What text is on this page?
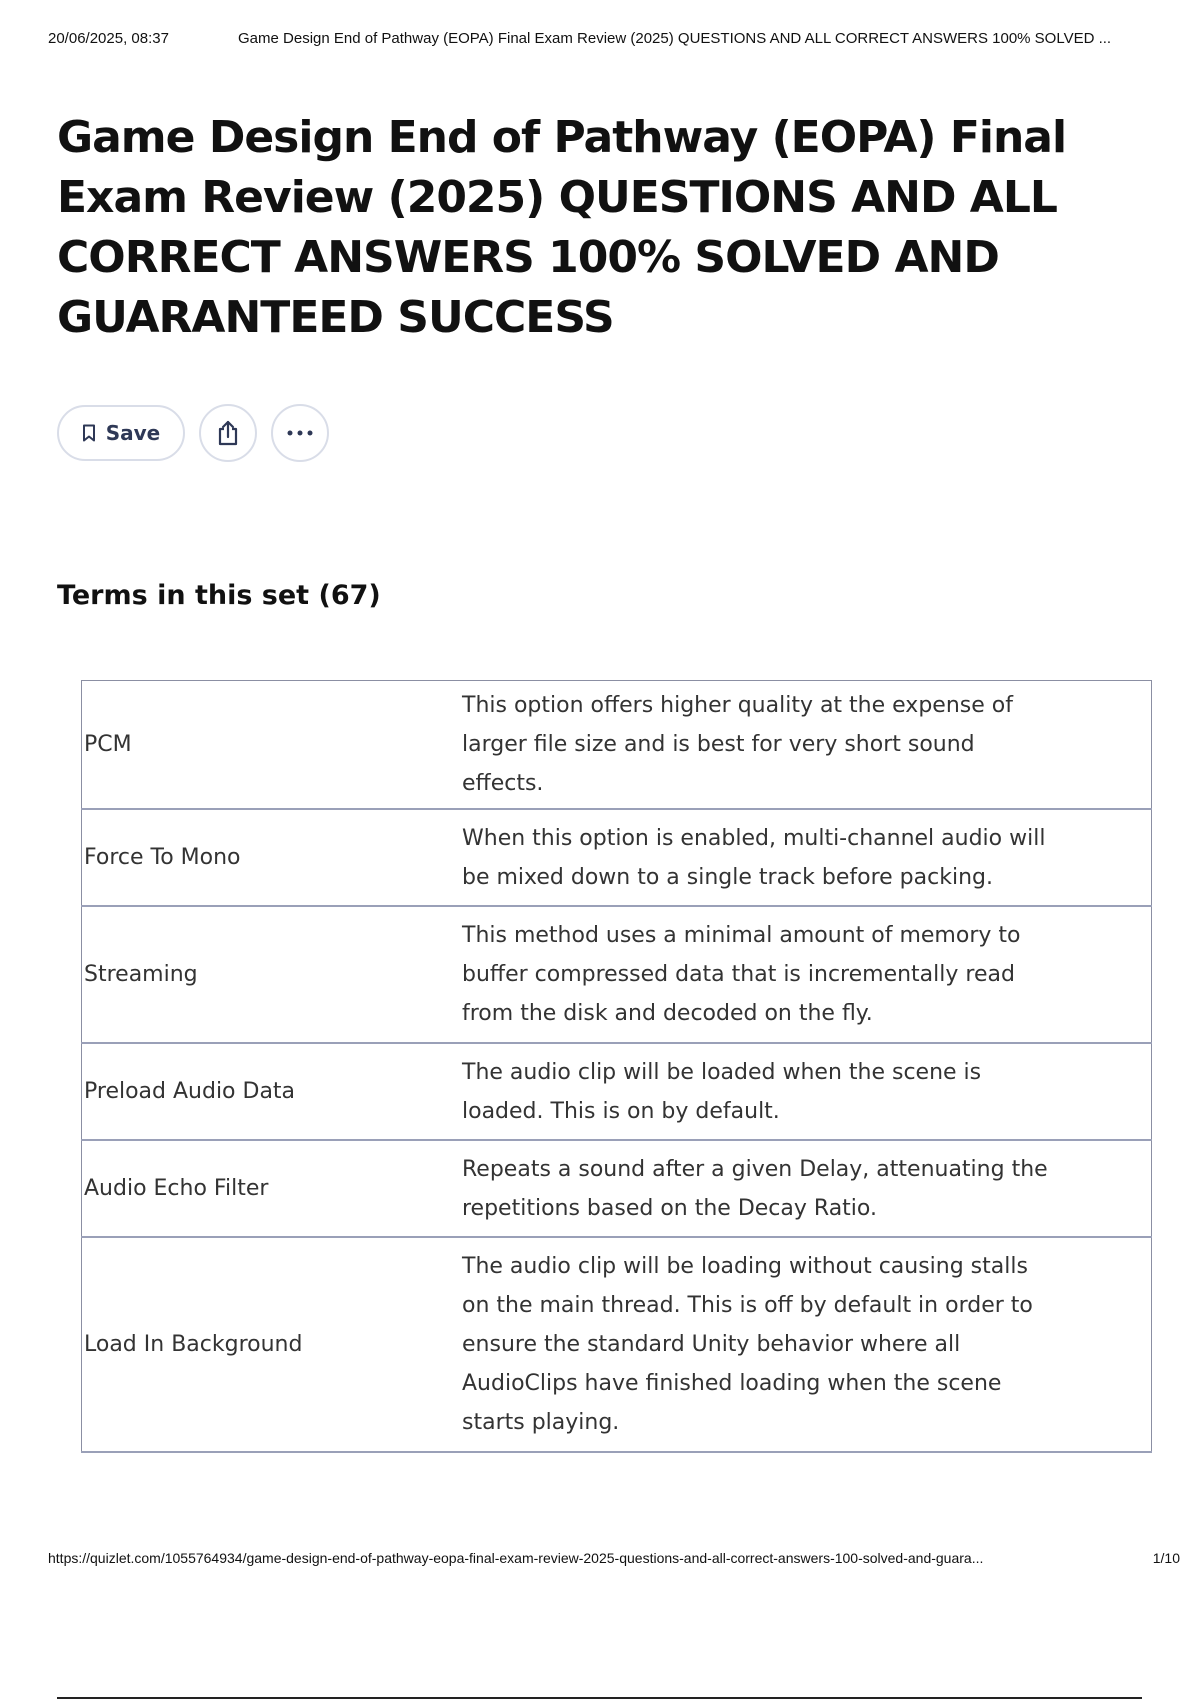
20/06/2025, 08:37	Game Design End of Pathway (EOPA) Final Exam Review (2025) QUESTIONS AND ALL CORRECT ANSWERS 100% SOLVED ...
Game Design End of Pathway (EOPA) Final Exam Review (2025) QUESTIONS AND ALL CORRECT ANSWERS 100% SOLVED AND GUARANTEED SUCCESS
Save
Terms in this set (67)
PCM	This option offers higher quality at the expense of larger file size and is best for very short sound effects.
Force To Mono	When this option is enabled, multi-channel audio will be mixed down to a single track before packing.
Streaming	This method uses a minimal amount of memory to buffer compressed data that is incrementally read from the disk and decoded on the fly.
Preload Audio Data	The audio clip will be loaded when the scene is loaded. This is on by default.
Audio Echo Filter	Repeats a sound after a given Delay, attenuating the repetitions based on the Decay Ratio.
Load In Background	The audio clip will be loading without causing stalls on the main thread. This is off by default in order to ensure the standard Unity behavior where all AudioClips have finished loading when the scene starts playing.
https://quizlet.com/1055764934/game-design-end-of-pathway-eopa-final-exam-review-2025-questions-and-all-correct-answers-100-solved-and-guara...	1/10
